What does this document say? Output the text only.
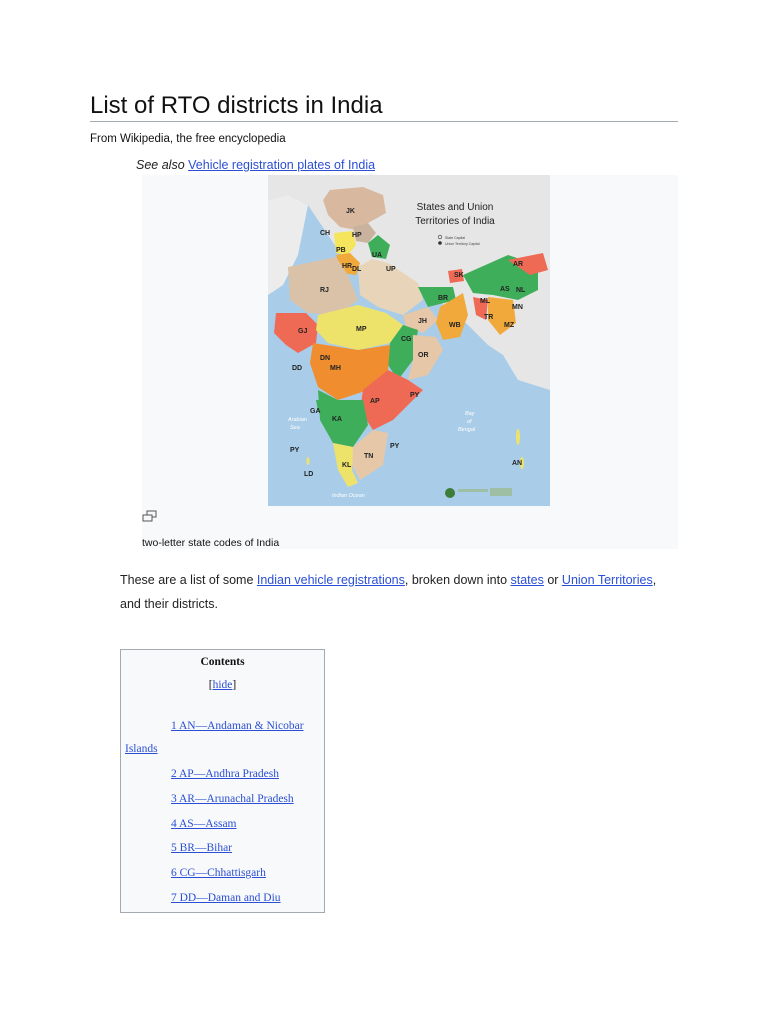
List of RTO districts in India
From Wikipedia, the free encyclopedia
See also Vehicle registration plates of India
States and Union
Territories of India
State Capital
Union Territory Capital
Arabian
Sea
Bay
of
Bengal
Indian Ocean
JK
HP
CH
PB
UA
HR DL
RJ
UP
SK
AR
AS NL
BR	ML
MN
GJ	MP
JH
WB
TR
MZ
DN
DD	MH
CG
OR
AP
PY
GA
KA
PY
PY
TN
KL
LD
AN
two-letter state codes of India
These are a list of some Indian vehicle registrations, broken down into states or Union Territories,
and their districts.
Contents
[hide]
1 AN—Andaman & Nicobar
Islands
2 AP—Andhra Pradesh
3 AR—Arunachal Pradesh
4 AS—Assam
5 BR—Bihar
6 CG—Chhattisgarh
7 DD—Daman and Diu
